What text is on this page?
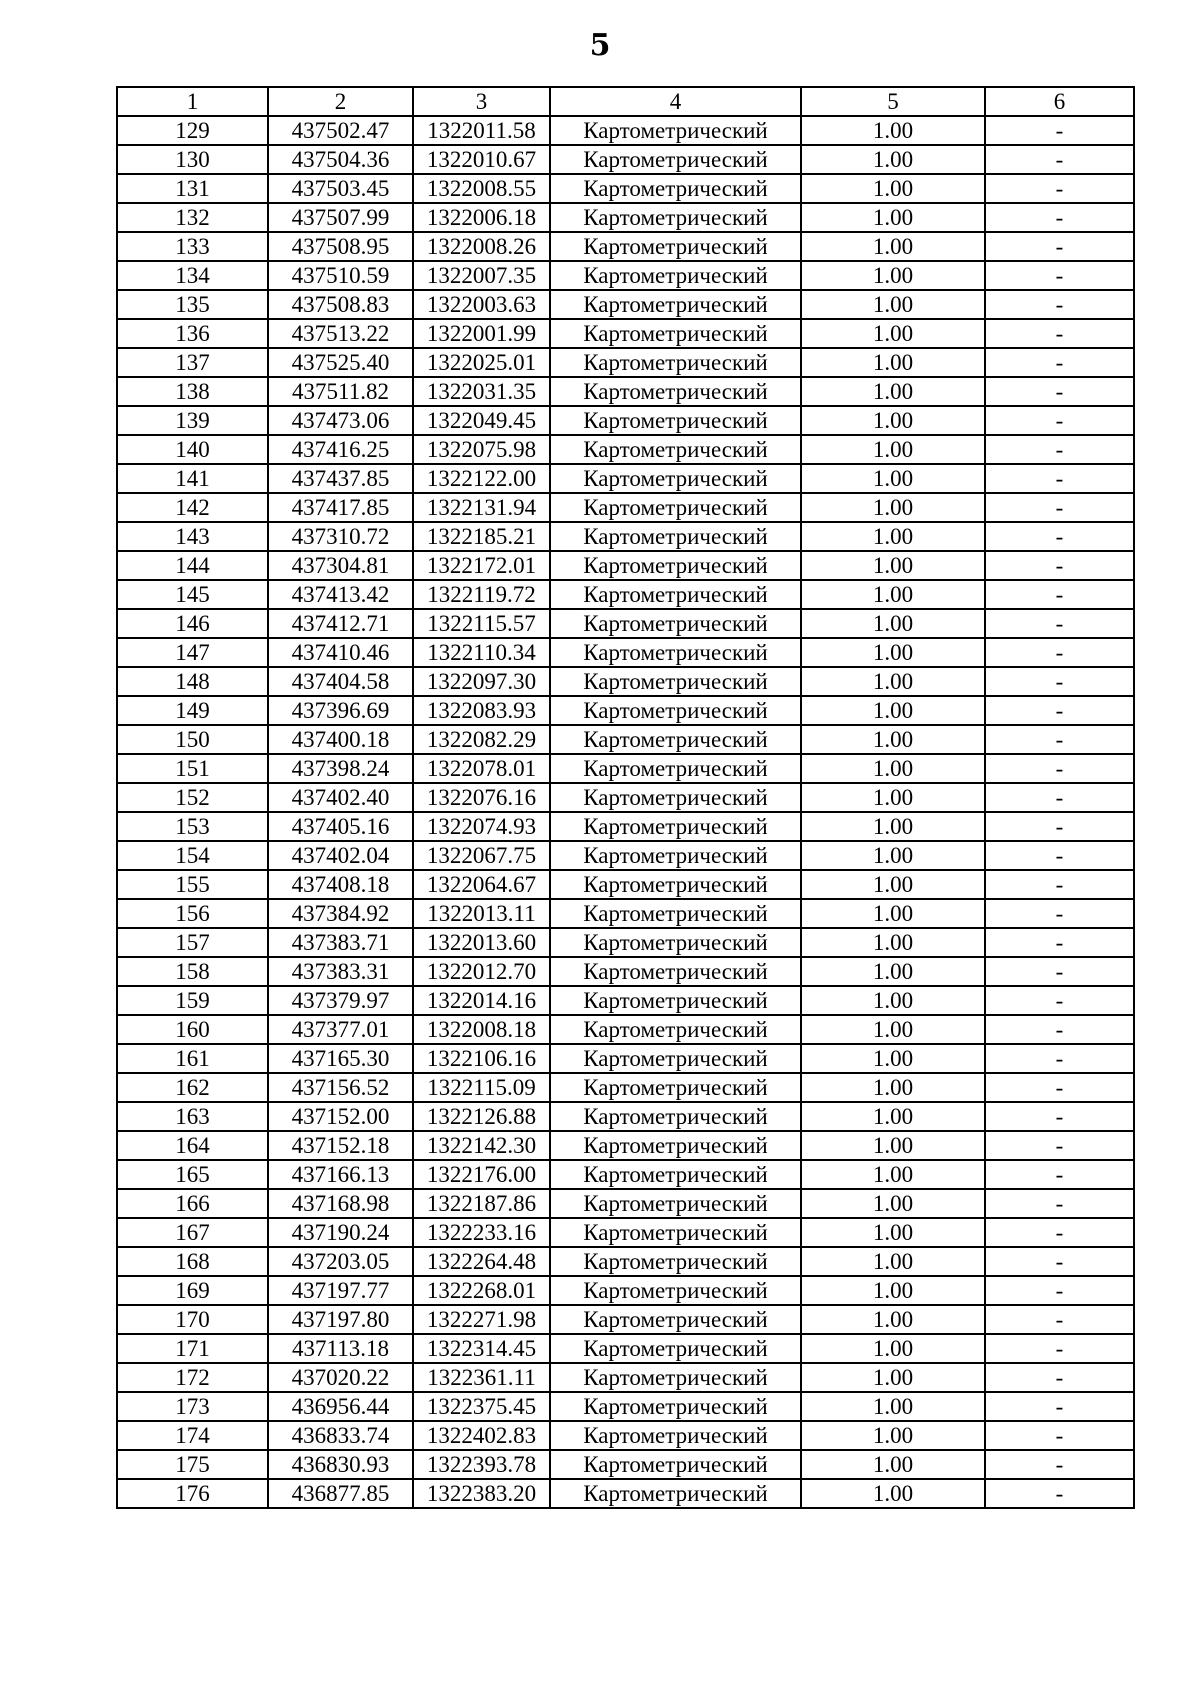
5
1	2	3	4	5	6
129	437502.47	1322011.58	Картометрический	1.00	-
130	437504.36	1322010.67	Картометрический	1.00	-
131	437503.45	1322008.55	Картометрический	1.00	-
132	437507.99	1322006.18	Картометрический	1.00	-
133	437508.95	1322008.26	Картометрический	1.00	-
134	437510.59	1322007.35	Картометрический	1.00	-
135	437508.83	1322003.63	Картометрический	1.00	-
136	437513.22	1322001.99	Картометрический	1.00	-
137	437525.40	1322025.01	Картометрический	1.00	-
138	437511.82	1322031.35	Картометрический	1.00	-
139	437473.06	1322049.45	Картометрический	1.00	-
140	437416.25	1322075.98	Картометрический	1.00	-
141	437437.85	1322122.00	Картометрический	1.00	-
142	437417.85	1322131.94	Картометрический	1.00	-
143	437310.72	1322185.21	Картометрический	1.00	-
144	437304.81	1322172.01	Картометрический	1.00	-
145	437413.42	1322119.72	Картометрический	1.00	-
146	437412.71	1322115.57	Картометрический	1.00	-
147	437410.46	1322110.34	Картометрический	1.00	-
148	437404.58	1322097.30	Картометрический	1.00	-
149	437396.69	1322083.93	Картометрический	1.00	-
150	437400.18	1322082.29	Картометрический	1.00	-
151	437398.24	1322078.01	Картометрический	1.00	-
152	437402.40	1322076.16	Картометрический	1.00	-
153	437405.16	1322074.93	Картометрический	1.00	-
154	437402.04	1322067.75	Картометрический	1.00	-
155	437408.18	1322064.67	Картометрический	1.00	-
156	437384.92	1322013.11	Картометрический	1.00	-
157	437383.71	1322013.60	Картометрический	1.00	-
158	437383.31	1322012.70	Картометрический	1.00	-
159	437379.97	1322014.16	Картометрический	1.00	-
160	437377.01	1322008.18	Картометрический	1.00	-
161	437165.30	1322106.16	Картометрический	1.00	-
162	437156.52	1322115.09	Картометрический	1.00	-
163	437152.00	1322126.88	Картометрический	1.00	-
164	437152.18	1322142.30	Картометрический	1.00	-
165	437166.13	1322176.00	Картометрический	1.00	-
166	437168.98	1322187.86	Картометрический	1.00	-
167	437190.24	1322233.16	Картометрический	1.00	-
168	437203.05	1322264.48	Картометрический	1.00	-
169	437197.77	1322268.01	Картометрический	1.00	-
170	437197.80	1322271.98	Картометрический	1.00	-
171	437113.18	1322314.45	Картометрический	1.00	-
172	437020.22	1322361.11	Картометрический	1.00	-
173	436956.44	1322375.45	Картометрический	1.00	-
174	436833.74	1322402.83	Картометрический	1.00	-
175	436830.93	1322393.78	Картометрический	1.00	-
176	436877.85	1322383.20	Картометрический	1.00	-
